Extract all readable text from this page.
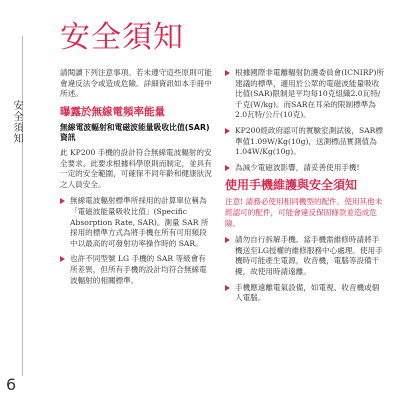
安全須知
6
安全須知

請閱讀下列注意事項。若未遵守這些原則可能會違反法令或造成危險。詳細資訊如本手冊中所述。

曝露於無線電頻率能量
無線電波輻射和電磁波能量吸收比值(SAR) 資訊

此 KP200 手機的設計符合無線電波輻射的安全要求。此要求根據科學原則而制定，並具有一定的安全範圍，可確保不同年齡和健康狀況之人員安全。

無線電波輻射標準所採用的計算單位稱為「電磁波能量吸收比值」(Specific Absorption Rate, SAR)。測量 SAR 所採用的標準方式為將手機在所有可用頻段中以最高的可發射功率操作時的 SAR。
也許不同型號 LG 手機的 SAR 等級會有所差異，但所有手機的設計均符合無線電波輻射的相關標準。
根據國際非電離輻射防護委員會(ICNIRP)所建議的標準，適用於公眾的電磁波能量吸收比值(SAR)限制是平均每10克組織2.0瓦特/千克(W/kg)。而SAR在耳朵的限制標準為2.0瓦特/公斤(10克)。
KP200經政府認可的實驗室測試後，SAR標準值1.09W/Kg(10g)，送測標品實測值為1.04W/Kg(10g)。
為減少電磁波影響，請妥善使用手機!
使用手機維護與安全須知

注意! 請務必使用相同機型的配件。使用其他未經認可的配件，可能會違反保固條款並造成危險。

請勿自行拆解手機。當手機需維修時請將手機送至LG授權的維修服務中心處理。使用手機時可能產生電源，收音機，電腦等設備干擾，故使用時請遠離。
手機應遠離電氣設備，如電視、收音機或個人電腦。
